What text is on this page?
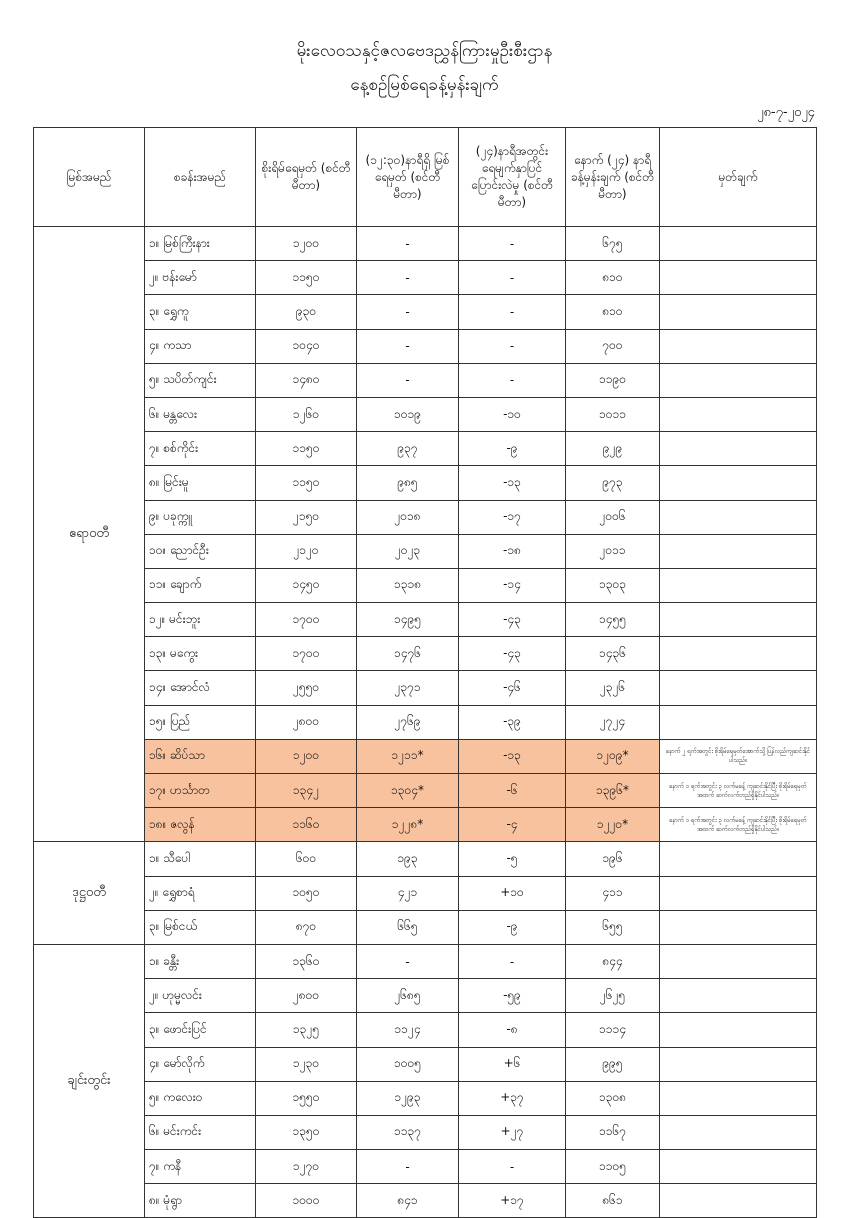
မိုးလေဝသနှင့်ဇလဗေဒညွှန်ကြားမှုဦးစီးဌာန
နေ့စဉ်မြစ်ရေခန့်မှန်းချက်
၂၈-၇-၂၀၂၄
မြစ်အမည်	စခန်းအမည်	စိုးရိမ်ရေမှတ် (စင်တီမီတာ)	(၁၂:၃၀)နာရီရှိ မြစ်ရေမှတ် (စင်တီမီတာ)	(၂၄)နာရီအတွင်း ရေမျက်နှာပြင် ပြောင်းလဲမှု (စင်တီမီတာ)	နောက် (၂၄) နာရီ ခန့်မှန်းချက် (စင်တီမီတာ)	မှတ်ချက်
ဧရာဝတီ	၁။ မြစ်ကြီးနား	၁၂၀၀	-	-	၆၇၅	
	၂။ ဗန်းမော်	၁၁၅၀	-	-	၈၁၀	
	၃။ ရွှေကူ	၉၃၀	-	-	၈၁၀	
	၄။ ကသာ	၁၀၄၀	-	-	၇၀၀	
	၅။ သပိတ်ကျင်း	၁၄၈၀	-	-	၁၁၉၀	
	၆။ မန္တလေး	၁၂၆၀	၁၀၁၉	-၁၀	၁၀၁၁	
	၇။ စစ်ကိုင်း	၁၁၅၀	၉၃၇	-၉	၉၂၉	
	၈။ မြင်းမူ	၁၁၅၀	၉၈၅	-၁၃	၉၇၃	
	၉။ ပခုက္ကူ	၂၁၅၀	၂၀၁၈	-၁၇	၂၀၀၆	
	၁၀။ ညောင်ဦး	၂၁၂၀	၂၀၂၃	-၁၈	၂၀၁၁	
	၁၁။ ချောက်	၁၄၅၀	၁၃၁၈	-၁၄	၁၃၀၃	
	၁၂။ မင်းဘူး	၁၇၀၀	၁၄၉၅	-၄၃	၁၄၅၅	
	၁၃။ မကွေး	၁၇၀၀	၁၄၇၆	-၄၃	၁၄၃၆	
	၁၄။ အောင်လံ	၂၅၅၀	၂၃၇၁	-၄၆	၂၃၂၆	
	၁၅။ ပြည်	၂၈၀၀	၂၇၆၉	-၃၉	၂၇၂၄	
	၁၆။ ဆိပ်သာ	၁၂၀၀	၁၂၁၁*	-၁၃	၁၂၀၉*	နောက် ၂ ရက်အတွင်း စိုးရိမ်ရေမှတ်အောက်သို့ ပြန်လည်ကျဆင်းနိုင်ပါသည်။
	၁၇။ ဟင်္သာတ	၁၃၄၂	၁၃၀၄*	-၆	၁၃၉၆*	နောက် ၁ ရက်အတွင်း ၃ လက်မခန့် ကျဆင်းနိုင်ပြီး စိုးရိမ်ရေမှတ်အထက် ဆက်လက်တည်ရှိနိုင်ပါသည်။
	၁၈။ ဇလွန်	၁၁၆၀	၁၂၂၈*	-၄	၁၂၂၀*	နောက် ၁ ရက်အတွင်း ၃ လက်မခန့် ကျဆင်းနိုင်ပြီး စိုးရိမ်ရေမှတ်အထက် ဆက်လက်တည်ရှိနိုင်ပါသည်။
ဒုဋ္ဌဝတီ	၁။ သီပေါ	၆၀၀	၁၉၃	-၅	၁၉၆	
	၂။ ရွှေစာရံ	၁၀၅၀	၄၂၁	+၁၀	၄၁၁	
	၃။ မြစ်ငယ်	၈၇၀	၆၆၅	-၉	၆၅၅	
ချင်းတွင်း	၁။ ခန္တီး	၁၃၆၀	-	-	၈၄၄	
	၂။ ဟုမ္မလင်း	၂၈၀၀	၂၆၈၅	-၅၉	၂၆၂၅	
	၃။ ဖောင်းပြင်	၁၃၂၅	၁၁၂၄	-၈	၁၁၁၄	
	၄။ မော်လိုက်	၁၂၃၀	၁၀၀၅	+၆	၉၉၅	
	၅။ ကလေးဝ	၁၅၅၀	၁၂၉၃	+၃၇	၁၃၀၈	
	၆။ မင်းကင်း	၁၃၅၀	၁၁၃၇	+၂၇	၁၁၆၇	
	၇။ ကနီ	၁၂၇၀	-	-	၁၁၀၅	
	၈။ မုံရွာ	၁၀၀၀	၈၄၁	+၁၇	၈၆၁	
